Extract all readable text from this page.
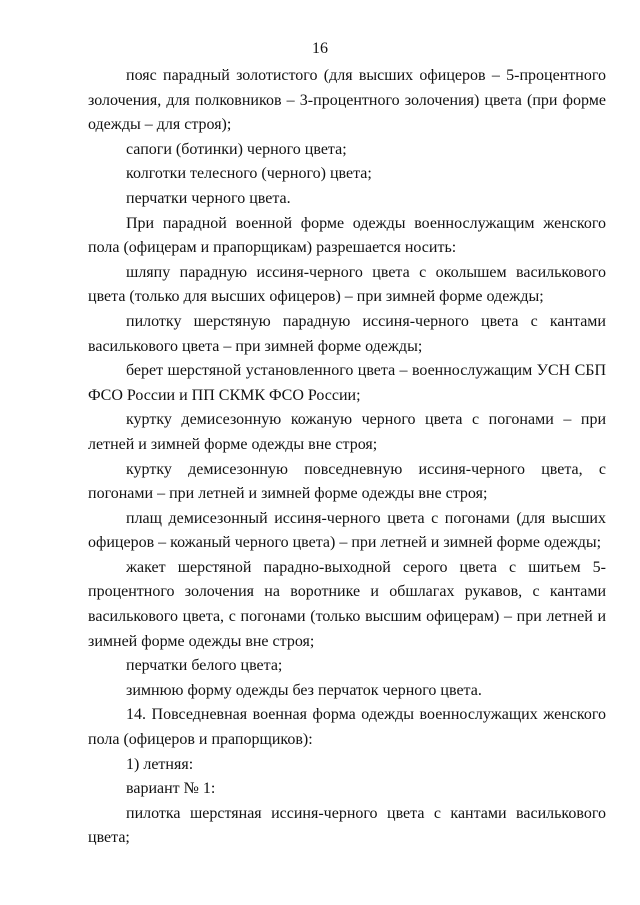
16

пояс парадный золотистого (для высших офицеров – 5-процентного золочения, для полковников – 3-процентного золочения) цвета (при форме одежды – для строя);

сапоги (ботинки) черного цвета;

колготки телесного (черного) цвета;

перчатки черного цвета.

При парадной военной форме одежды военнослужащим женского пола (офицерам и прапорщикам) разрешается носить:

шляпу парадную иссиня-черного цвета с околышем василькового цвета (только для высших офицеров) – при зимней форме одежды;

пилотку шерстяную парадную иссиня-черного цвета с кантами василькового цвета – при зимней форме одежды;

берет шерстяной установленного цвета – военнослужащим УСН СБП ФСО России и ПП СКМК ФСО России;

куртку демисезонную кожаную черного цвета с погонами – при летней и зимней форме одежды вне строя;

куртку демисезонную повседневную иссиня-черного цвета, с погонами – при летней и зимней форме одежды вне строя;

плащ демисезонный иссиня-черного цвета с погонами (для высших офицеров – кожаный черного цвета) – при летней и зимней форме одежды;

жакет шерстяной парадно-выходной серого цвета с шитьем 5-процентного золочения на воротнике и обшлагах рукавов, с кантами василькового цвета, с погонами (только высшим офицерам) – при летней и зимней форме одежды вне строя;

перчатки белого цвета;

зимнюю форму одежды без перчаток черного цвета.

14. Повседневная военная форма одежды военнослужащих женского пола (офицеров и прапорщиков):

1) летняя:

вариант № 1:

пилотка шерстяная иссиня-черного цвета с кантами василькового цвета;
